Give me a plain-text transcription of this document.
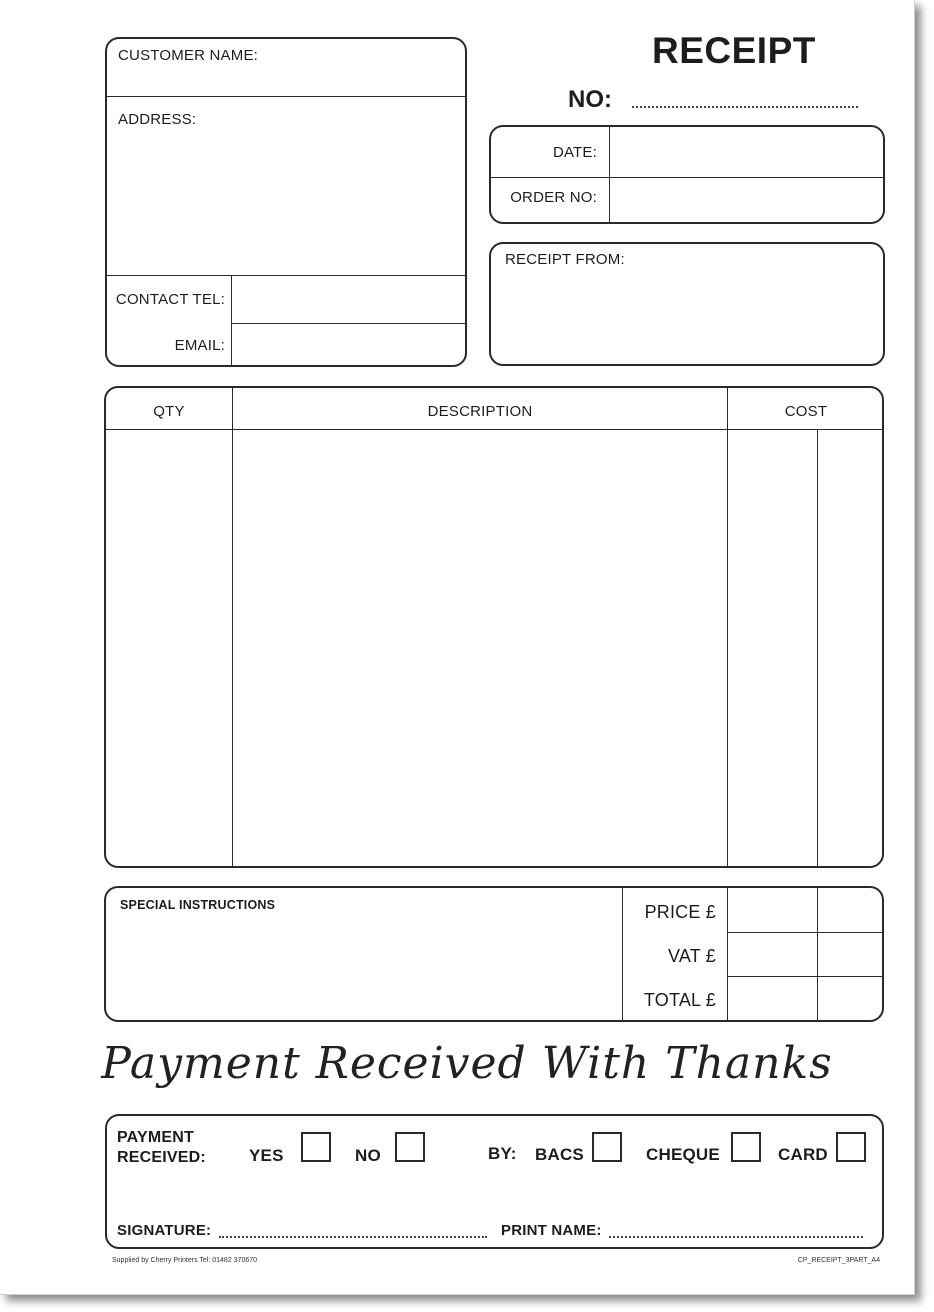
RECEIPT
NO:
CUSTOMER NAME:
ADDRESS:
CONTACT TEL:
EMAIL:
DATE:
ORDER NO:
RECEIPT FROM:
QTY	DESCRIPTION	COST
SPECIAL INSTRUCTIONS	PRICE £
VAT £
TOTAL £
Payment Received With Thanks
PAYMENT
RECEIVED:	YES	NO	BY: BACS	CHEQUE	CARD
SIGNATURE:	PRINT NAME:
Supplied by Cherry Printers Tel: 01482 370670	CP_RECEIPT_3PART_A4
